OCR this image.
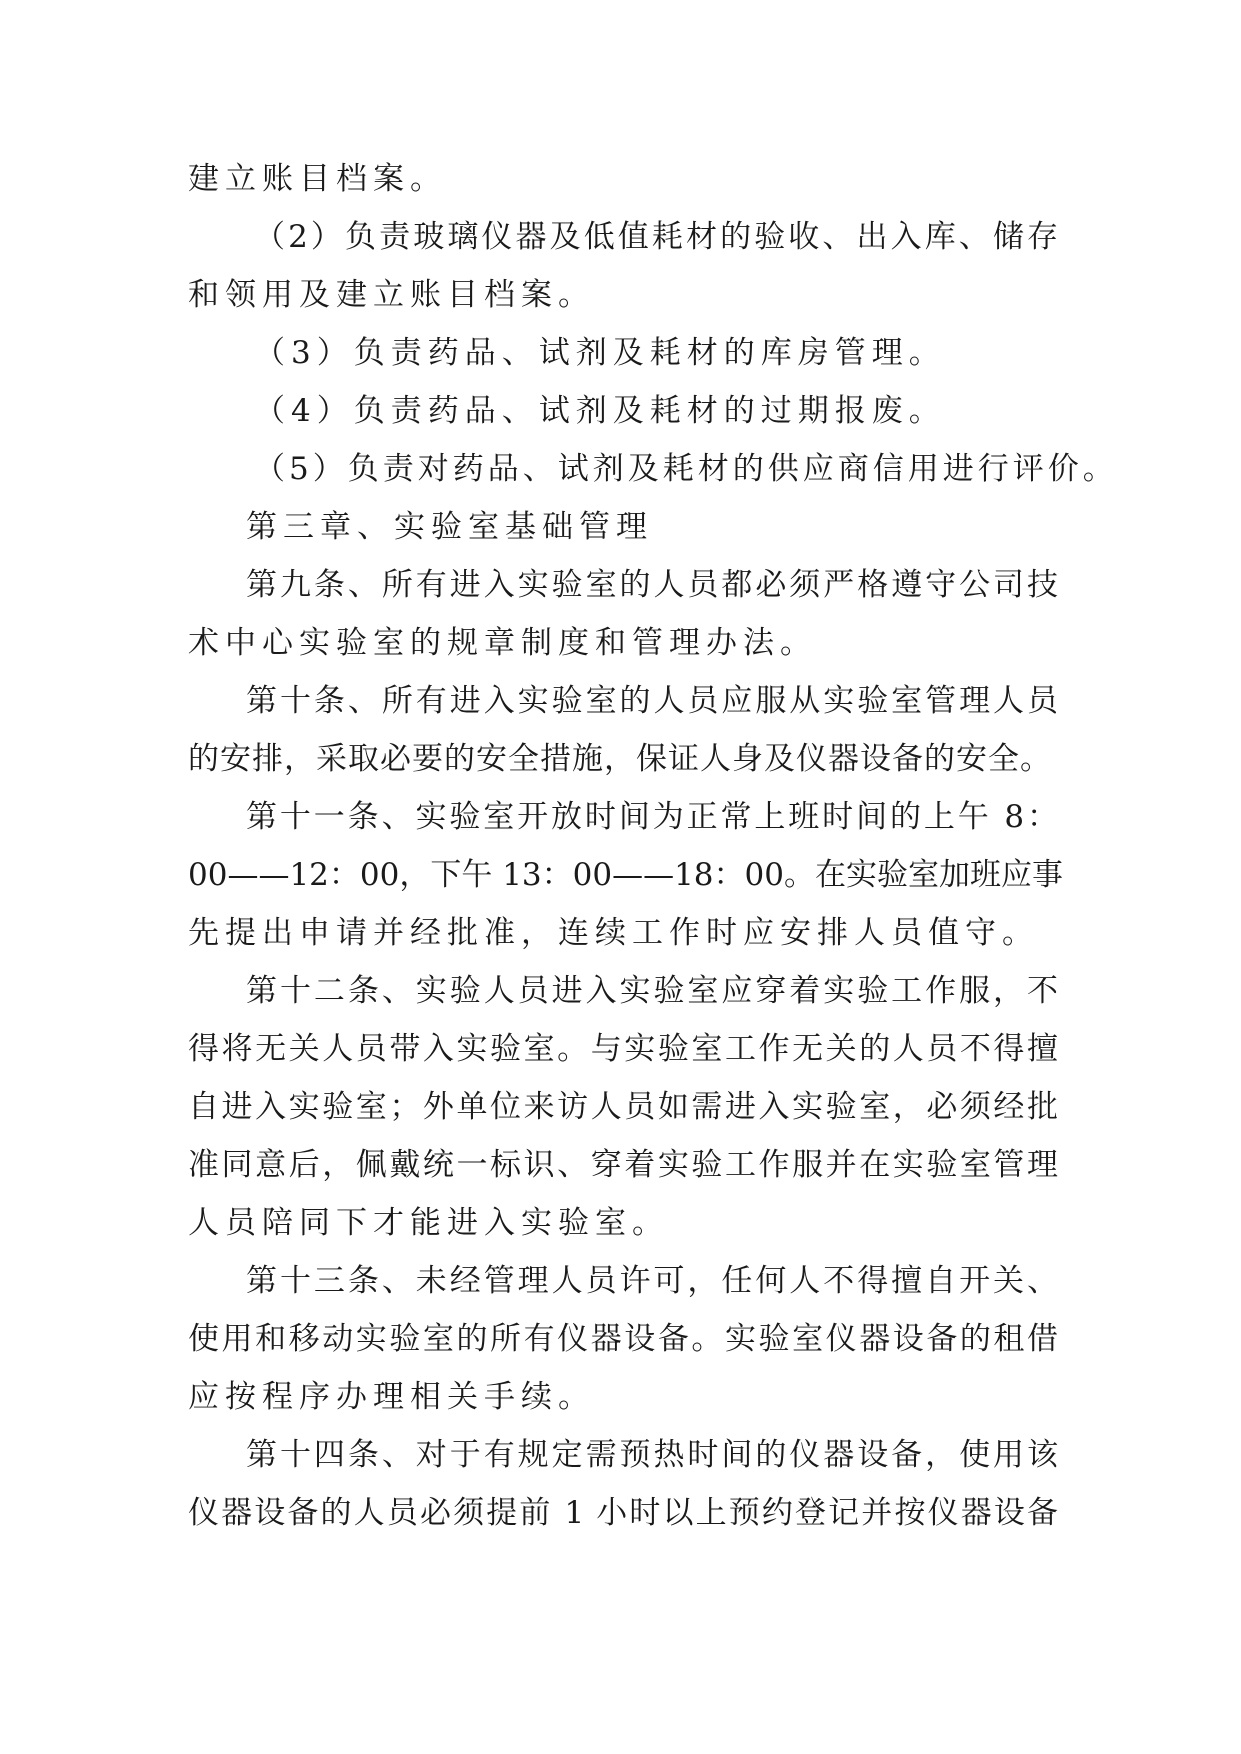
建立账目档案。
（2）负责玻璃仪器及低值耗材的验收、出入库、储存
和领用及建立账目档案。
（3）负责药品、试剂及耗材的库房管理。
（4）负责药品、试剂及耗材的过期报废。
（5）负责对药品、试剂及耗材的供应商信用进行评价。
第三章、实验室基础管理
第九条、所有进入实验室的人员都必须严格遵守公司技
术中心实验室的规章制度和管理办法。
第十条、所有进入实验室的人员应服从实验室管理人员
的安排，采取必要的安全措施，保证人身及仪器设备的安全。
第十一条、实验室开放时间为正常上班时间的上午 8：
00——12：00，下午 13：00——18：00。在实验室加班应事
先提出申请并经批准，连续工作时应安排人员值守。
第十二条、实验人员进入实验室应穿着实验工作服，不
得将无关人员带入实验室。与实验室工作无关的人员不得擅
自进入实验室；外单位来访人员如需进入实验室，必须经批
准同意后，佩戴统一标识、穿着实验工作服并在实验室管理
人员陪同下才能进入实验室。
第十三条、未经管理人员许可，任何人不得擅自开关、
使用和移动实验室的所有仪器设备。实验室仪器设备的租借
应按程序办理相关手续。
第十四条、对于有规定需预热时间的仪器设备，使用该
仪器设备的人员必须提前 1 小时以上预约登记并按仪器设备
